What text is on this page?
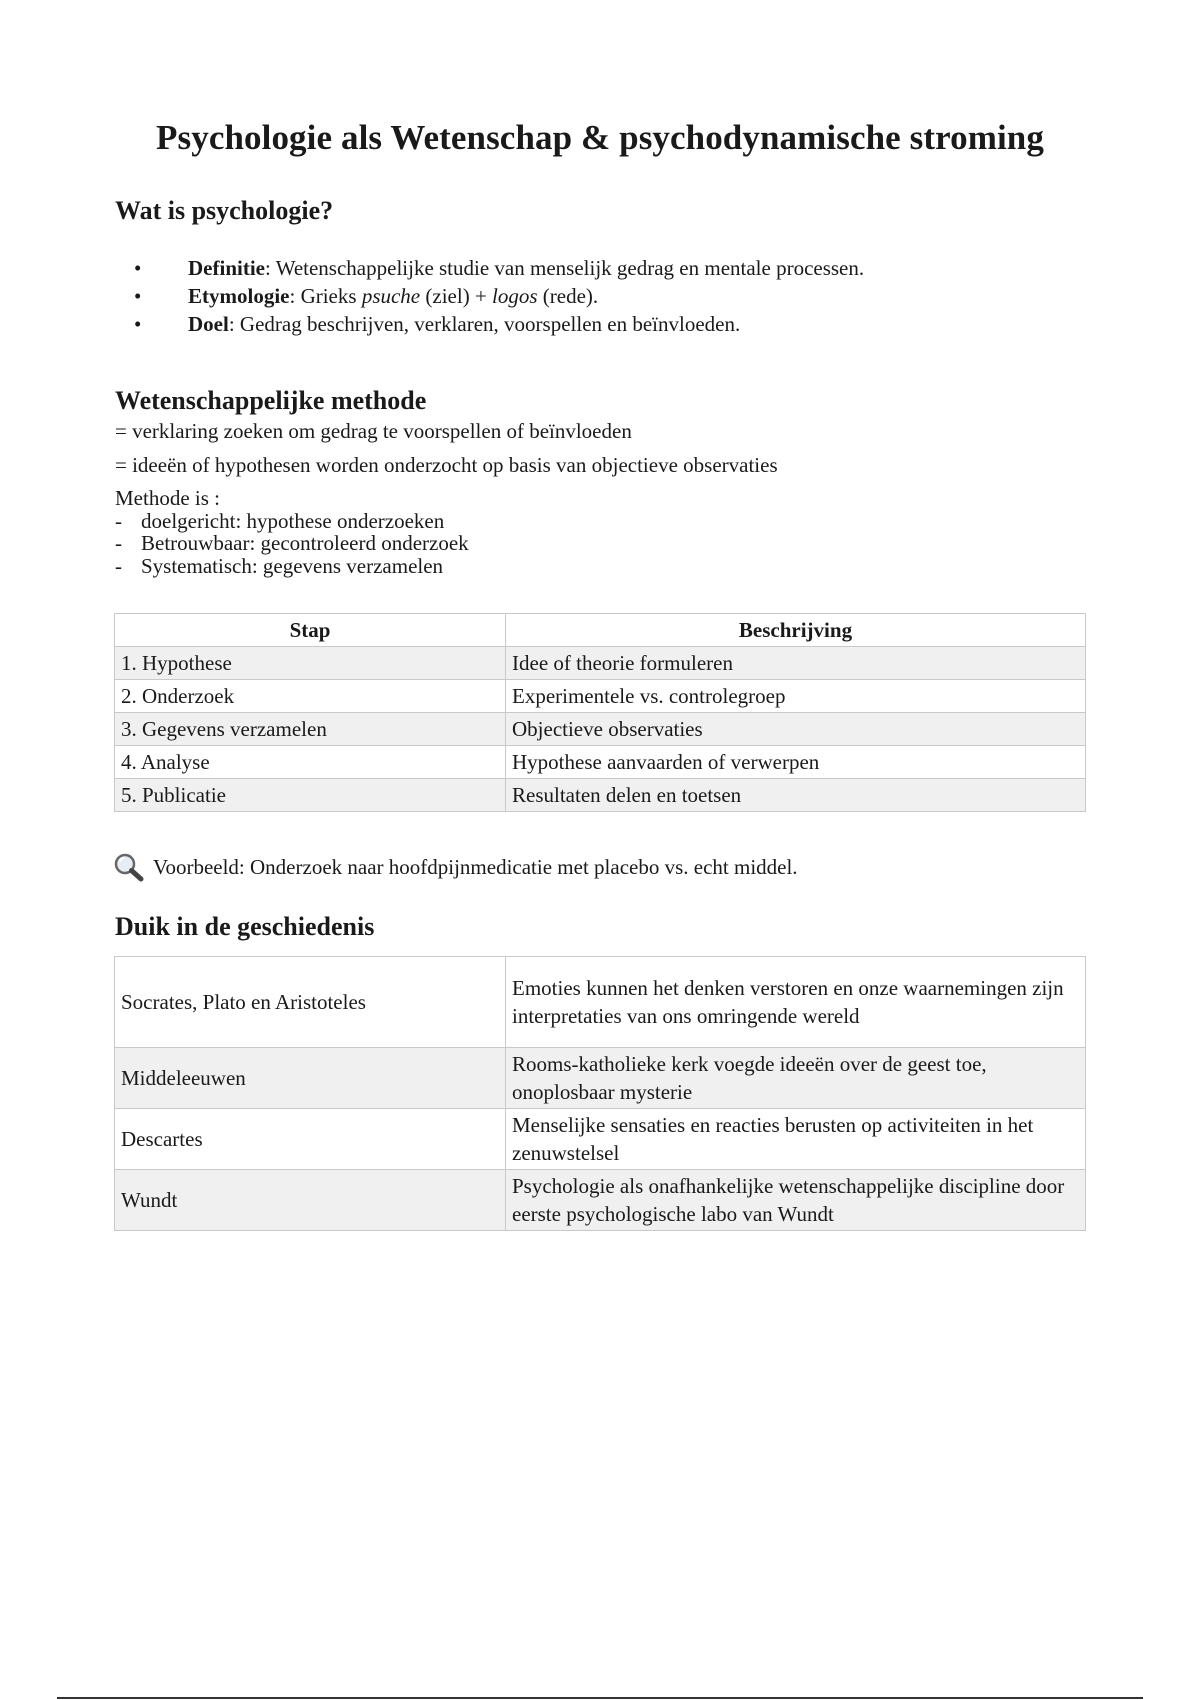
Psychologie als Wetenschap & psychodynamische stroming
Wat is psychologie?
• Definitie: Wetenschappelijke studie van menselijk gedrag en mentale processen.
• Etymologie: Grieks psuche (ziel) + logos (rede).
• Doel: Gedrag beschrijven, verklaren, voorspellen en beïnvloeden.
Wetenschappelijke methode
= verklaring zoeken om gedrag te voorspellen of beïnvloeden
= ideeën of hypothesen worden onderzocht op basis van objectieve observaties
Methode is :
- doelgericht: hypothese onderzoeken
- Betrouwbaar: gecontroleerd onderzoek
- Systematisch: gegevens verzamelen
Stap	Beschrijving
1. Hypothese	Idee of theorie formuleren
2. Onderzoek	Experimentele vs. controlegroep
3. Gegevens verzamelen	Objectieve observaties
4. Analyse	Hypothese aanvaarden of verwerpen
5. Publicatie	Resultaten delen en toetsen
Voorbeeld: Onderzoek naar hoofdpijnmedicatie met placebo vs. echt middel.
Duik in de geschiedenis
Socrates, Plato en Aristoteles	Emoties kunnen het denken verstoren en onze waarnemingen zijn interpretaties van ons omringende wereld
Middeleeuwen	Rooms-katholieke kerk voegde ideeën over de geest toe, onoplosbaar mysterie
Descartes	Menselijke sensaties en reacties berusten op activiteiten in het zenuwstelsel
Wundt	Psychologie als onafhankelijke wetenschappelijke discipline door eerste psychologische labo van Wundt
